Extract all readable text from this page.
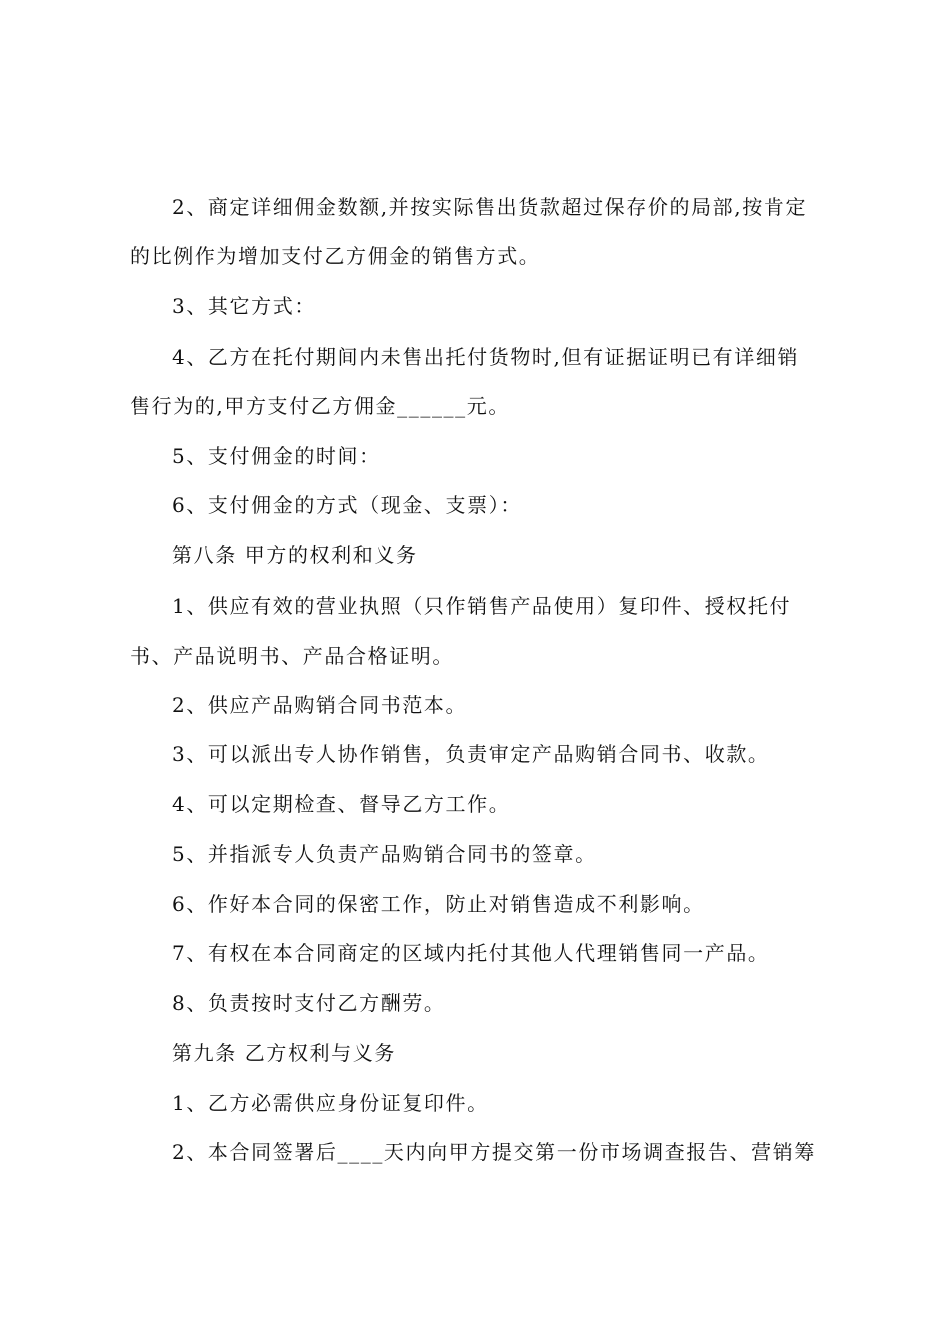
2、商定详细佣金数额,并按实际售出货款超过保存价的局部,按肯定
的比例作为增加支付乙方佣金的销售方式。
3、其它方式：
4、乙方在托付期间内未售出托付货物时,但有证据证明已有详细销
售行为的,甲方支付乙方佣金______元。
5、支付佣金的时间：
6、支付佣金的方式（现金、支票）：
第八条 甲方的权利和义务
1、供应有效的营业执照（只作销售产品使用）复印件、授权托付
书、产品说明书、产品合格证明。
2、供应产品购销合同书范本。
3、可以派出专人协作销售，负责审定产品购销合同书、收款。
4、可以定期检查、督导乙方工作。
5、并指派专人负责产品购销合同书的签章。
6、作好本合同的保密工作，防止对销售造成不利影响。
7、有权在本合同商定的区域内托付其他人代理销售同一产品。
8、负责按时支付乙方酬劳。
第九条 乙方权利与义务
1、乙方必需供应身份证复印件。
2、本合同签署后____天内向甲方提交第一份市场调查报告、营销筹
